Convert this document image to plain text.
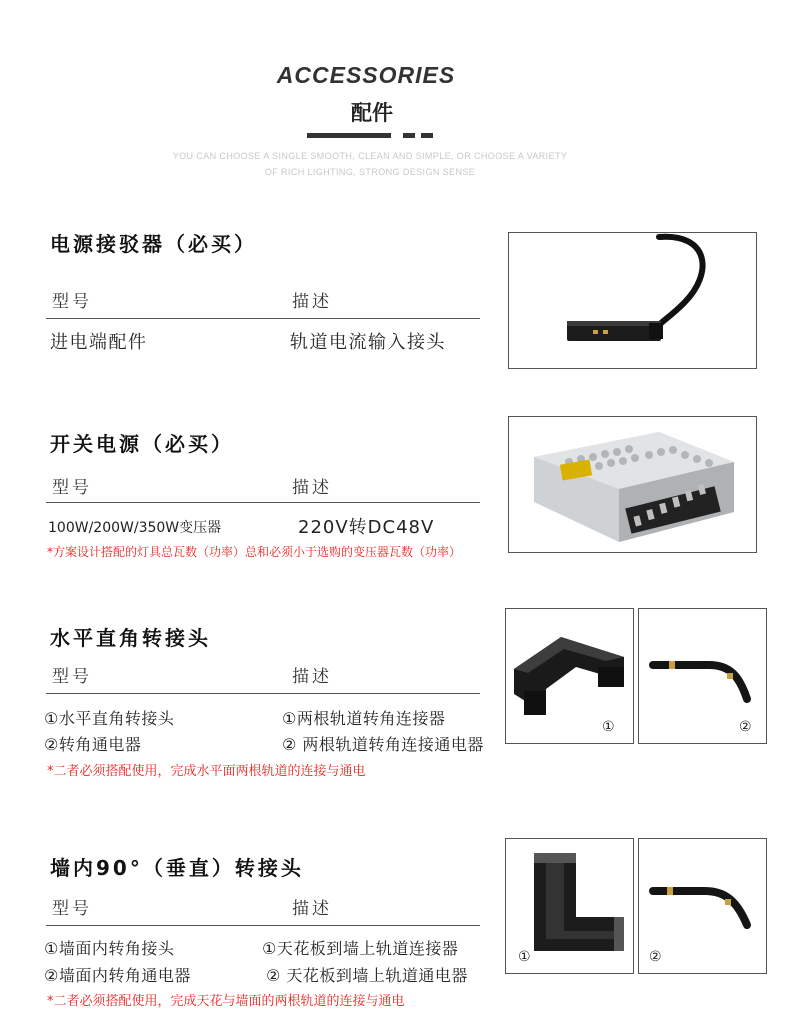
ACCESSORIES
配件
YOU CAN CHOOSE A SINGLE SMOOTH, CLEAN AND SIMPLE, OR CHOOSE A VARIETY
OF RICH LIGHTING, STRONG DESIGN SENSE
电源接驳器（必买）
型号	描述
进电端配件	轨道电流输入接头
开关电源（必买）
型号	描述
100W/200W/350W变压器	220V转DC48V
*方案设计搭配的灯具总瓦数（功率）总和必须小于选购的变压器瓦数（功率）
水平直角转接头
型号	描述
①水平直角转接头	①两根轨道转角连接器
②转角通电器	② 两根轨道转角连接通电器
*二者必须搭配使用，完成水平面两根轨道的连接与通电
①	②
墙内90°（垂直）转接头
型号	描述
①墙面内转角接头	①天花板到墙上轨道连接器
②墙面内转角通电器	② 天花板到墙上轨道通电器
*二者必须搭配使用，完成天花与墙面的两根轨道的连接与通电
①	②
